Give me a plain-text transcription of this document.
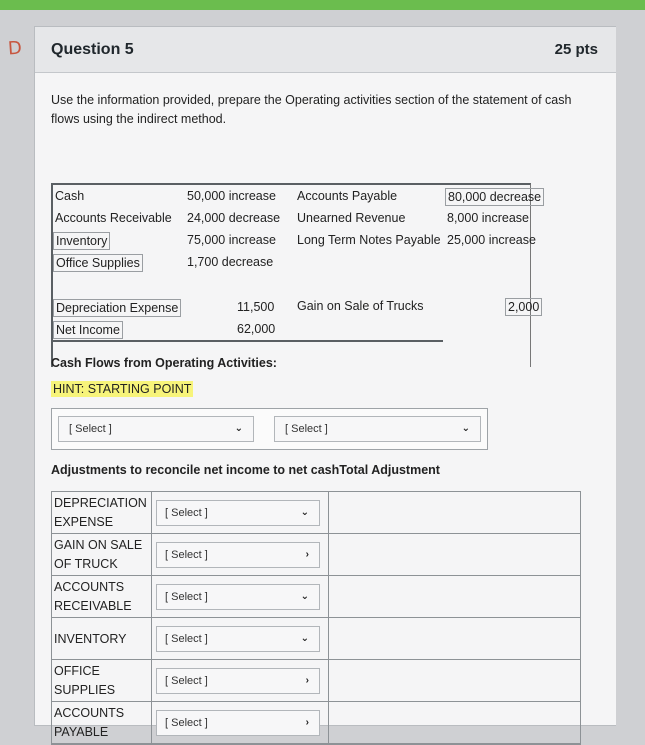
D Question 5	25 pts

Use the information provided, prepare the Operating activities section of the statement of cash flows using the indirect method.

Cash	50,000 increase Accounts Payable	80,000 decrease
Accounts Receivable 24,000 decrease Unearned Revenue	8,000 increase
Inventory	75,000 increase Long Term Notes Payable 25,000 increase
Office Supplies	1,700 decrease
Depreciation Expense	11,500 Gain on Sale of Trucks	2,000
Net Income	62,000
Cash Flows from Operating Activities:
HINT: STARTING POINT
[ Select ]	⌄	[ Select ]	⌄
Adjustments to reconcile net income to net cashTotal Adjustment
DEPRECIATION EXPENSE
[ Select ]	⌄
GAIN ON SALE OF TRUCK
[ Select ]	›
ACCOUNTS RECEIVABLE
[ Select ]	⌄
INVENTORY	[ Select ]	⌄
OFFICE SUPPLIES
[ Select ]	›
ACCOUNTS PAYABLE
[ Select ]	›
